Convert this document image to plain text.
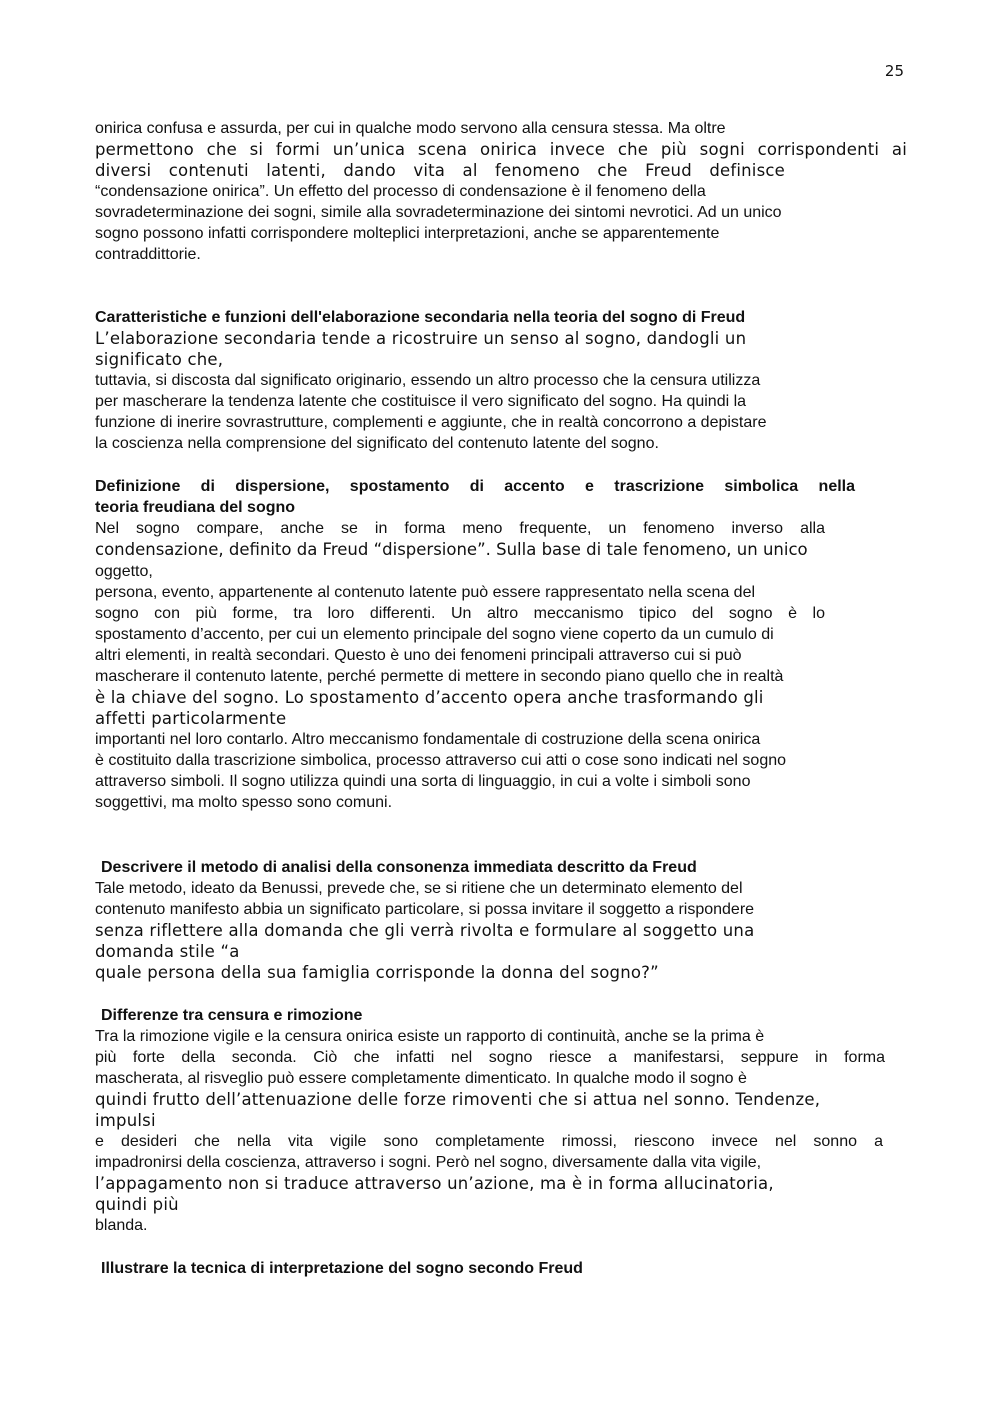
25
onirica confusa e assurda, per cui in qualche modo servono alla censura stessa. Ma oltre
permettono che si formi un’unica scena onirica invece che più sogni corrispondenti ai
diversi contenuti latenti, dando vita al fenomeno che Freud definisce
“condensazione onirica”. Un effetto del processo di condensazione è il fenomeno della
sovradeterminazione dei sogni, simile alla sovradeterminazione dei sintomi nevrotici. Ad un unico
sogno possono infatti corrispondere molteplici interpretazioni, anche se apparentemente
contraddittorie.
Caratteristiche e funzioni dell'elaborazione secondaria nella teoria del sogno di Freud
L’elaborazione secondaria tende a ricostruire un senso al sogno, dandogli un
significato che,
tuttavia, si discosta dal significato originario, essendo un altro processo che la censura utilizza
per mascherare la tendenza latente che costituisce il vero significato del sogno. Ha quindi la
funzione di inerire sovrastrutture, complementi e aggiunte, che in realtà concorrono a depistare
la coscienza nella comprensione del significato del contenuto latente del sogno.
Definizione di dispersione, spostamento di accento e trascrizione simbolica nella
teoria freudiana del sogno
Nel sogno compare, anche se in forma meno frequente, un fenomeno inverso alla
condensazione, definito da Freud “dispersione”. Sulla base di tale fenomeno, un unico
oggetto,
persona, evento, appartenente al contenuto latente può essere rappresentato nella scena del
sogno con più forme, tra loro differenti. Un altro meccanismo tipico del sogno è lo
spostamento d’accento, per cui un elemento principale del sogno viene coperto da un cumulo di
altri elementi, in realtà secondari. Questo è uno dei fenomeni principali attraverso cui si può
mascherare il contenuto latente, perché permette di mettere in secondo piano quello che in realtà
è la chiave del sogno. Lo spostamento d’accento opera anche trasformando gli
affetti particolarmente
importanti nel loro contarlo. Altro meccanismo fondamentale di costruzione della scena onirica
è costituito dalla trascrizione simbolica, processo attraverso cui atti o cose sono indicati nel sogno
attraverso simboli. Il sogno utilizza quindi una sorta di linguaggio, in cui a volte i simboli sono
soggettivi, ma molto spesso sono comuni.
Descrivere il metodo di analisi della consonenza immediata descritto da Freud
Tale metodo, ideato da Benussi, prevede che, se si ritiene che un determinato elemento del
contenuto manifesto abbia un significato particolare, si possa invitare il soggetto a rispondere
senza riflettere alla domanda che gli verrà rivolta e formulare al soggetto una
domanda stile “a
quale persona della sua famiglia corrisponde la donna del sogno?”
Differenze tra censura e rimozione
Tra la rimozione vigile e la censura onirica esiste un rapporto di continuità, anche se la prima è
più forte della seconda. Ciò che infatti nel sogno riesce a manifestarsi, seppure in forma
mascherata, al risveglio può essere completamente dimenticato. In qualche modo il sogno è
quindi frutto dell’attenuazione delle forze rimoventi che si attua nel sonno. Tendenze,
impulsi
e desideri che nella vita vigile sono completamente rimossi, riescono invece nel sonno a
impadronirsi della coscienza, attraverso i sogni. Però nel sogno, diversamente dalla vita vigile,
l’appagamento non si traduce attraverso un’azione, ma è in forma allucinatoria,
quindi più
blanda.
Illustrare la tecnica di interpretazione del sogno secondo Freud
